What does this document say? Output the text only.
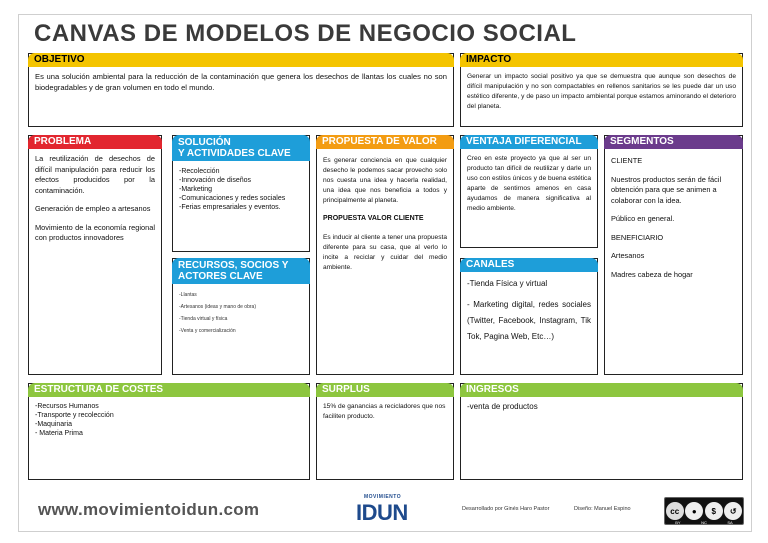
CANVAS DE MODELOS DE NEGOCIO SOCIAL
OBJETIVO

Es una solución ambiental para la reducción de la contaminación que genera los desechos de llantas los cuales no son biodegradables y de gran volumen en todo el mundo.

IMPACTO

Generar un impacto social positivo ya que se demuestra que aunque son desechos de difícil manipulación y no son compactables en rellenos sanitarios se les puede dar un uso estético diferente, y de paso un impacto ambiental porque estamos aminorando el deterioro del planeta.

PROBLEMA

La reutilización de desechos de difícil manipulación para reducir los efectos producidos por la contaminación.

Generación de empleo a artesanos

Movimiento de la economía regional con productos innovadores

SOLUCIÓN
Y ACTIVIDADES CLAVE
-Recolección
-Innovación de diseños
-Marketing
-Comunicaciones y redes sociales
-Ferias empresariales y eventos.
RECURSOS, SOCIOS Y
ACTORES CLAVE
-Llantas
-Artesanos (ideas y mano de obra)
-Tienda virtual y física
-Venta y comercialización
PROPUESTA DE VALOR

Es generar conciencia en que cualquier desecho le podemos sacar provecho solo nos cuesta una idea y hacerla realidad, una idea que nos beneficia a todos y principalmente al planeta.

PROPUESTA VALOR CLIENTE

Es inducir al cliente a tener una propuesta diferente para su casa, que al verlo lo incite a reciclar y cuidar del medio ambiente.

VENTAJA DIFERENCIAL

Creo en este proyecto ya que al ser un producto tan difícil de reutilizar y darle un uso con estilos únicos y de buena estética aparte de sentirnos amenos en casa ayudamos de manera significativa al medio ambiente.

CANALES

-Tienda Física y virtual

- Marketing digital, redes sociales (Twitter, Facebook, Instagram, Tik Tok, Pagina Web, Etc…)

SEGMENTOS

CLIENTE

Nuestros productos serán de fácil obtención para que se animen a colaborar con la idea.

Público en general.

BENEFICIARIO

Artesanos

Madres cabeza de hogar

ESTRUCTURA DE COSTES
-Recursos Humanos
-Transporte y recolección
-Maquinaria
- Materia Prima
SURPLUS

15% de ganancias a recicladores que nos faciliten producto.

INGRESOS

-venta de productos

www.movimientoidun.com
MOVIMIENTO
IDUN	Desarrollado por Ginés Haro Pastor	Diseño: Manuel Espino	cc	●	$	↺
BY	NC	SA
